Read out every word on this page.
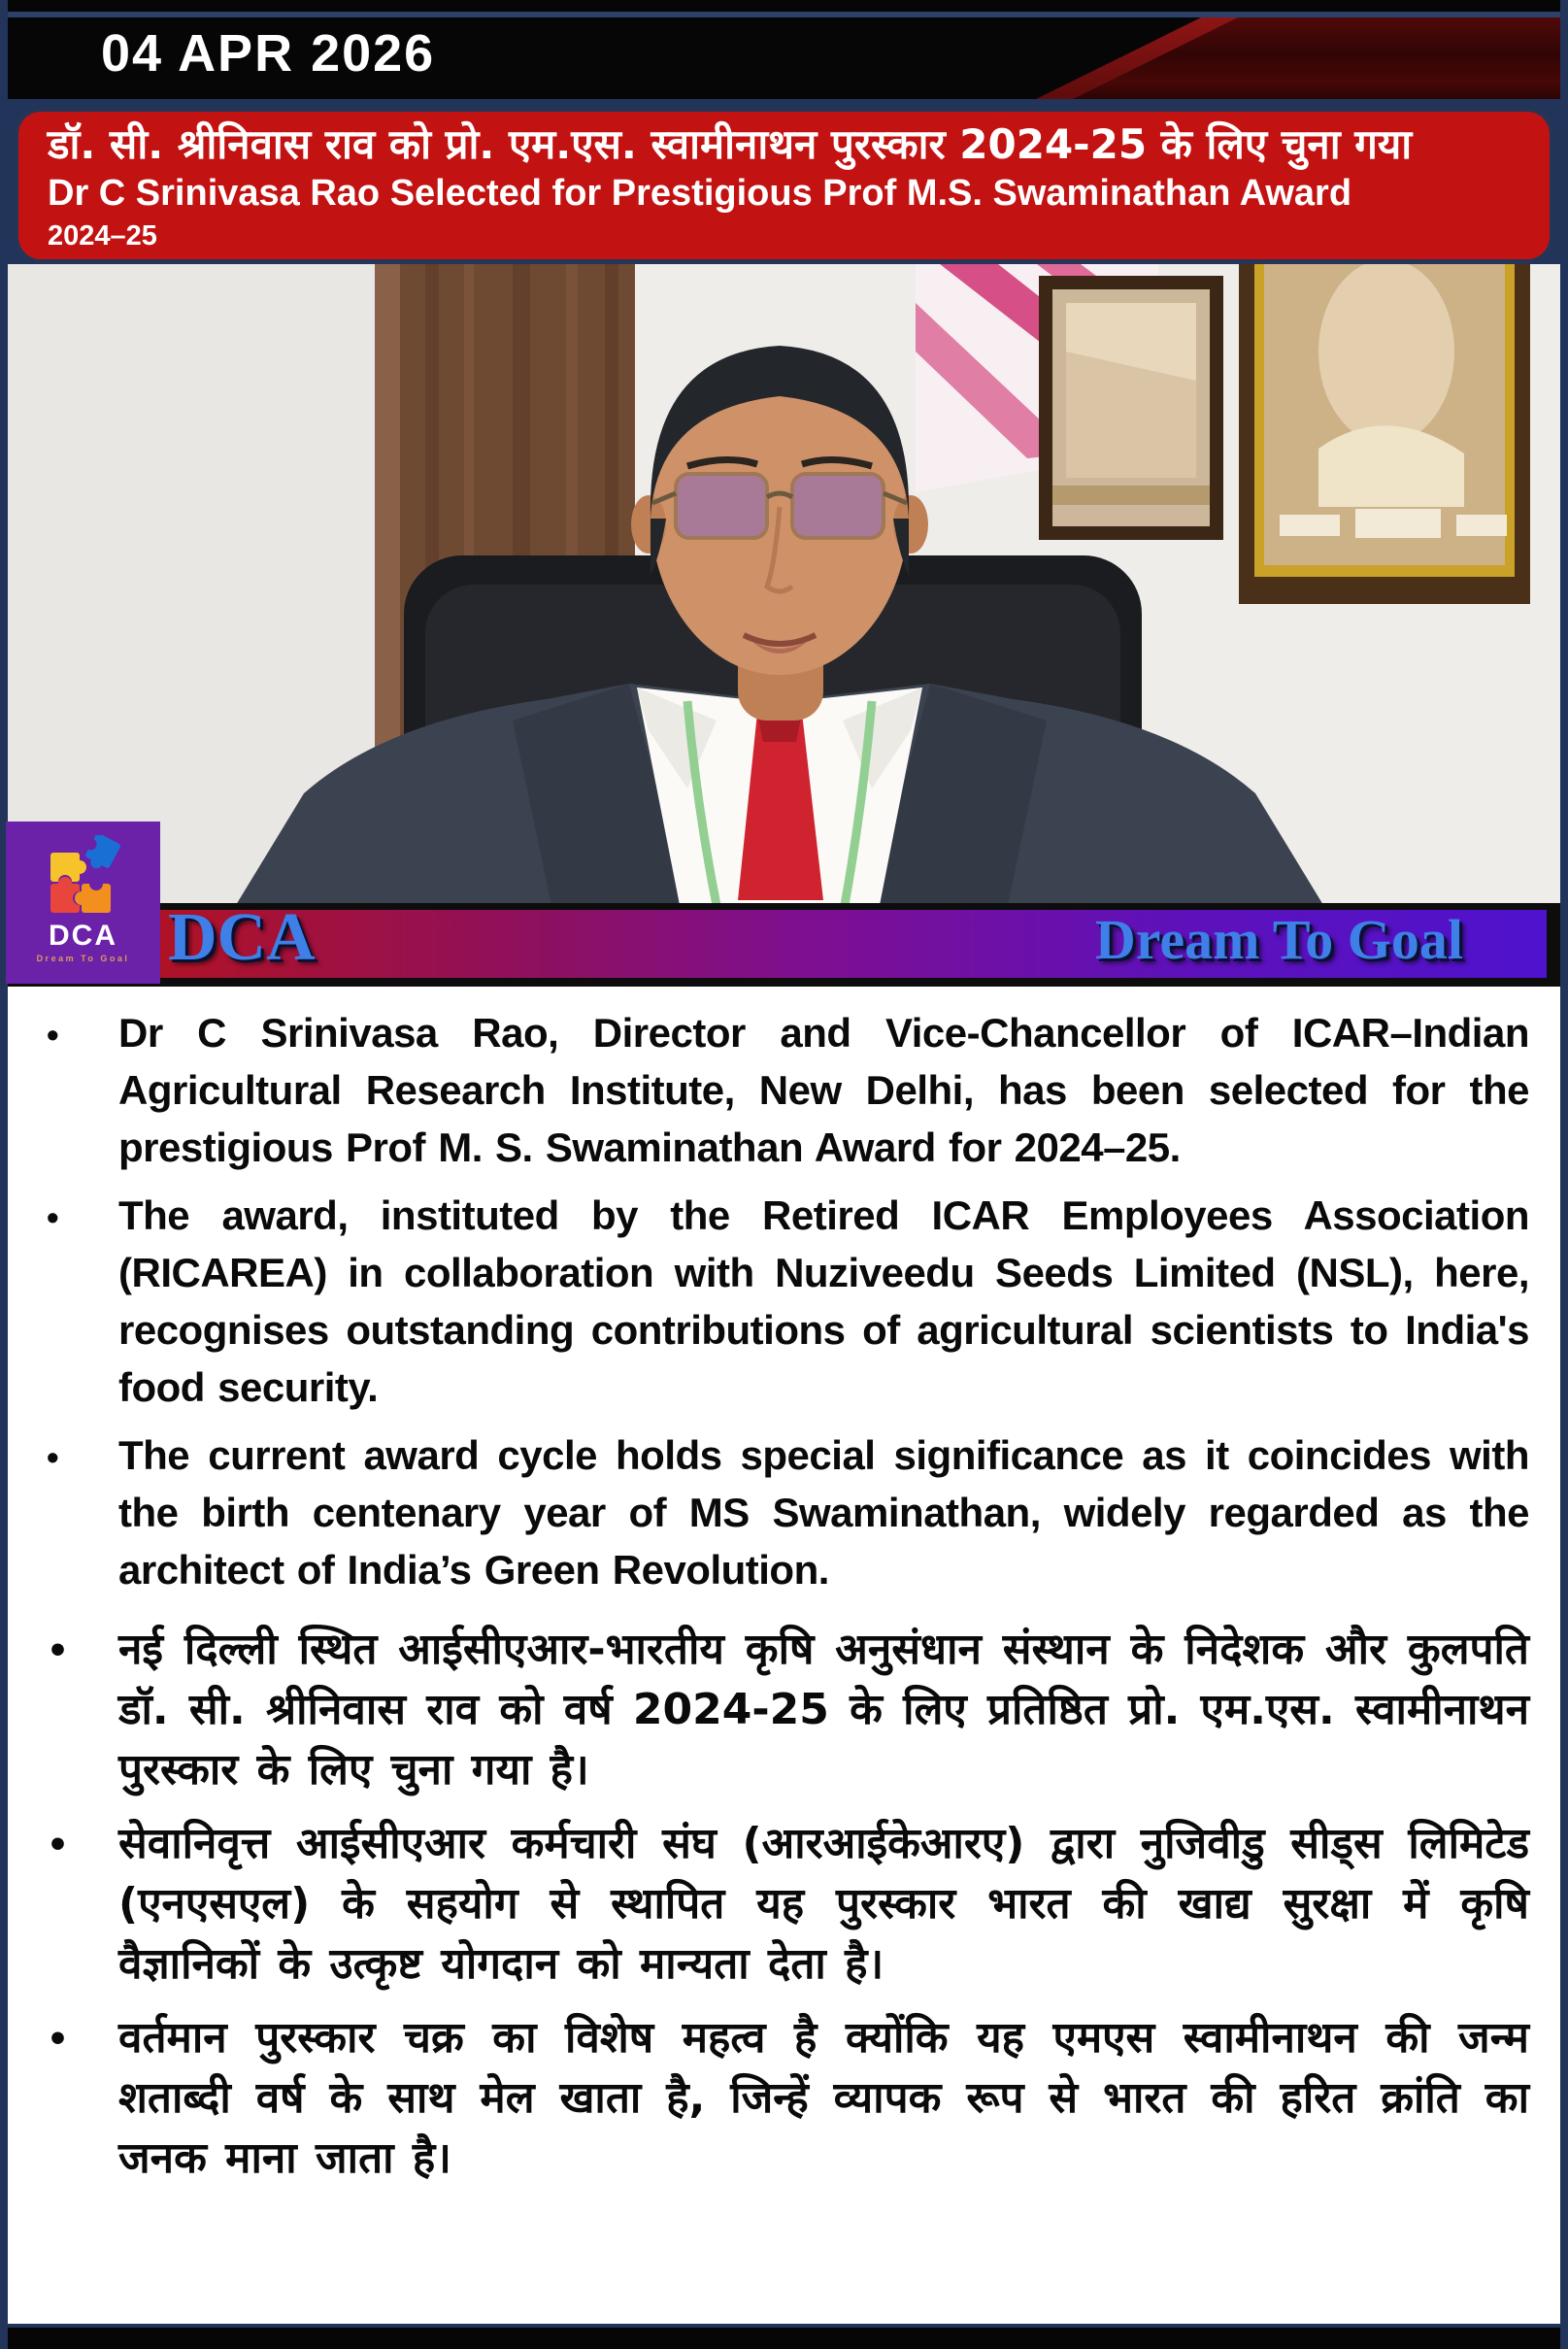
04 APR 2026
डॉ. सी. श्रीनिवास राव को प्रो. एम.एस. स्वामीनाथन पुरस्कार 2024-25 के लिए चुना गया
Dr C Srinivasa Rao Selected for Prestigious Prof M.S. Swaminathan Award
2024–25
DCA	Dream To Goal
DCA
Dream To Goal
• Dr C Srinivasa Rao, Director and Vice-Chancellor of ICAR–Indian Agricultural Research Institute, New Delhi, has been selected for the prestigious Prof M. S. Swaminathan Award for 2024–25.
• The award, instituted by the Retired ICAR Employees Association (RICAREA) in collaboration with Nuziveedu Seeds Limited (NSL), here, recognises outstanding contributions of agricultural scientists to India's food security.
• The current award cycle holds special significance as it coincides with the birth centenary year of MS Swaminathan, widely regarded as the architect of India’s Green Revolution.
• नई दिल्ली स्थित आईसीएआर-भारतीय कृषि अनुसंधान संस्थान के निदेशक और कुलपति डॉ. सी. श्रीनिवास राव को वर्ष 2024-25 के लिए प्रतिष्ठित प्रो. एम.एस. स्वामीनाथन पुरस्कार के लिए चुना गया है।
• सेवानिवृत्त आईसीएआर कर्मचारी संघ (आरआईकेआरए) द्वारा नुजिवीडु सीड्स लिमिटेड (एनएसएल) के सहयोग से स्थापित यह पुरस्कार भारत की खाद्य सुरक्षा में कृषि वैज्ञानिकों के उत्कृष्ट योगदान को मान्यता देता है।
• वर्तमान पुरस्कार चक्र का विशेष महत्व है क्योंकि यह एमएस स्वामीनाथन की जन्म शताब्दी वर्ष के साथ मेल खाता है, जिन्हें व्यापक रूप से भारत की हरित क्रांति का जनक माना जाता है।
